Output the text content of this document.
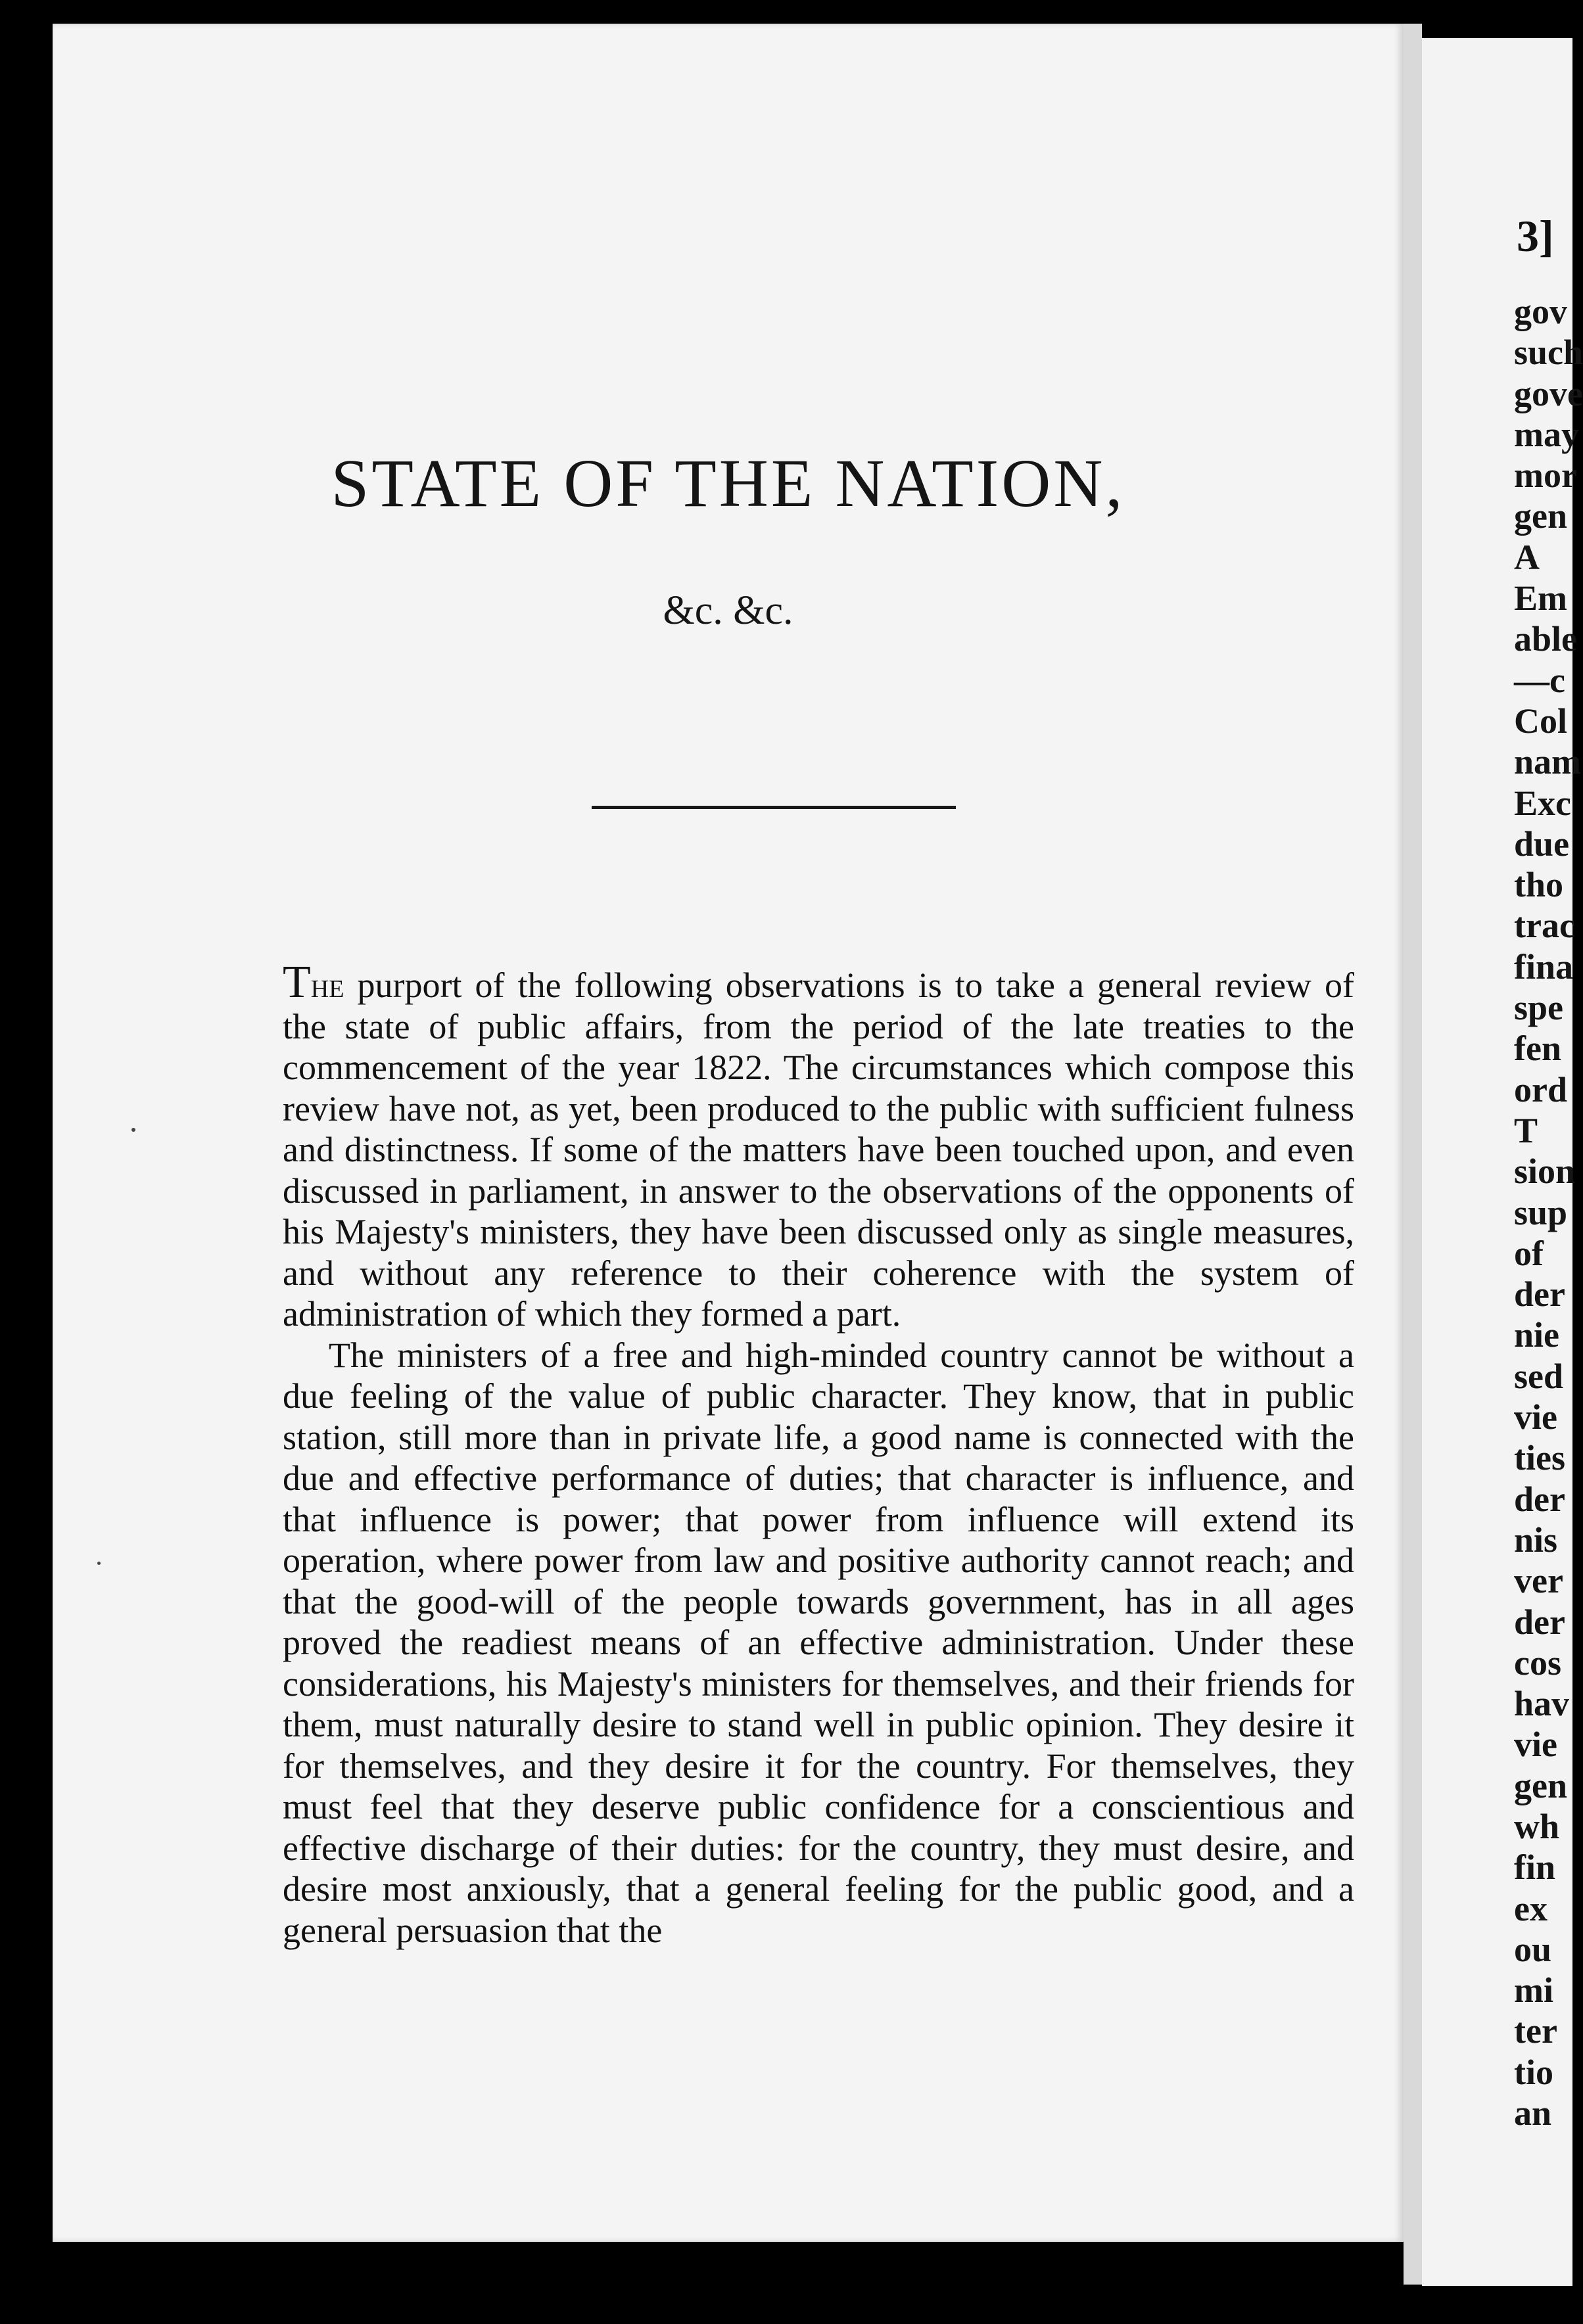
STATE OF THE NATION,
&c. &c.

The purport of the following observations is to take a general review of the state of public affairs, from the period of the late treaties to the commencement of the year 1822. The circumstances which compose this review have not, as yet, been produced to the public with sufficient fulness and distinctness. If some of the matters have been touched upon, and even discussed in parliament, in answer to the observations of the opponents of his Majesty's ministers, they have been discussed only as single measures, and without any reference to their coherence with the system of administration of which they formed a part.

The ministers of a free and high-minded country cannot be without a due feeling of the value of public character. They know, that in public station, still more than in private life, a good name is connected with the due and effective performance of duties; that character is influence, and that influence is power; that power from influence will extend its operation, where power from law and positive authority cannot reach; and that the good-will of the people towards government, has in all ages proved the readiest means of an effective administration. Under these considerations, his Majesty's ministers for themselves, and their friends for them, must naturally desire to stand well in public opinion. They desire it for themselves, and they desire it for the country. For themselves, they must feel that they deserve public confidence for a conscientious and effective discharge of their duties: for the country, they must desire, and desire most anxiously, that a general feeling for the public good, and a general persuasion that the

3]
gov
such
gove
may
mor
gen
A
Em
able
—c
Col
nam
Exc
due
tho
trac
fina
spe
fen
ord
T
sion
sup
of
der
nie
sed
vie
ties
der
nis
ver
der
cos
hav
vie
gen
wh
fin
ex
ou
mi
ter
tio
an
